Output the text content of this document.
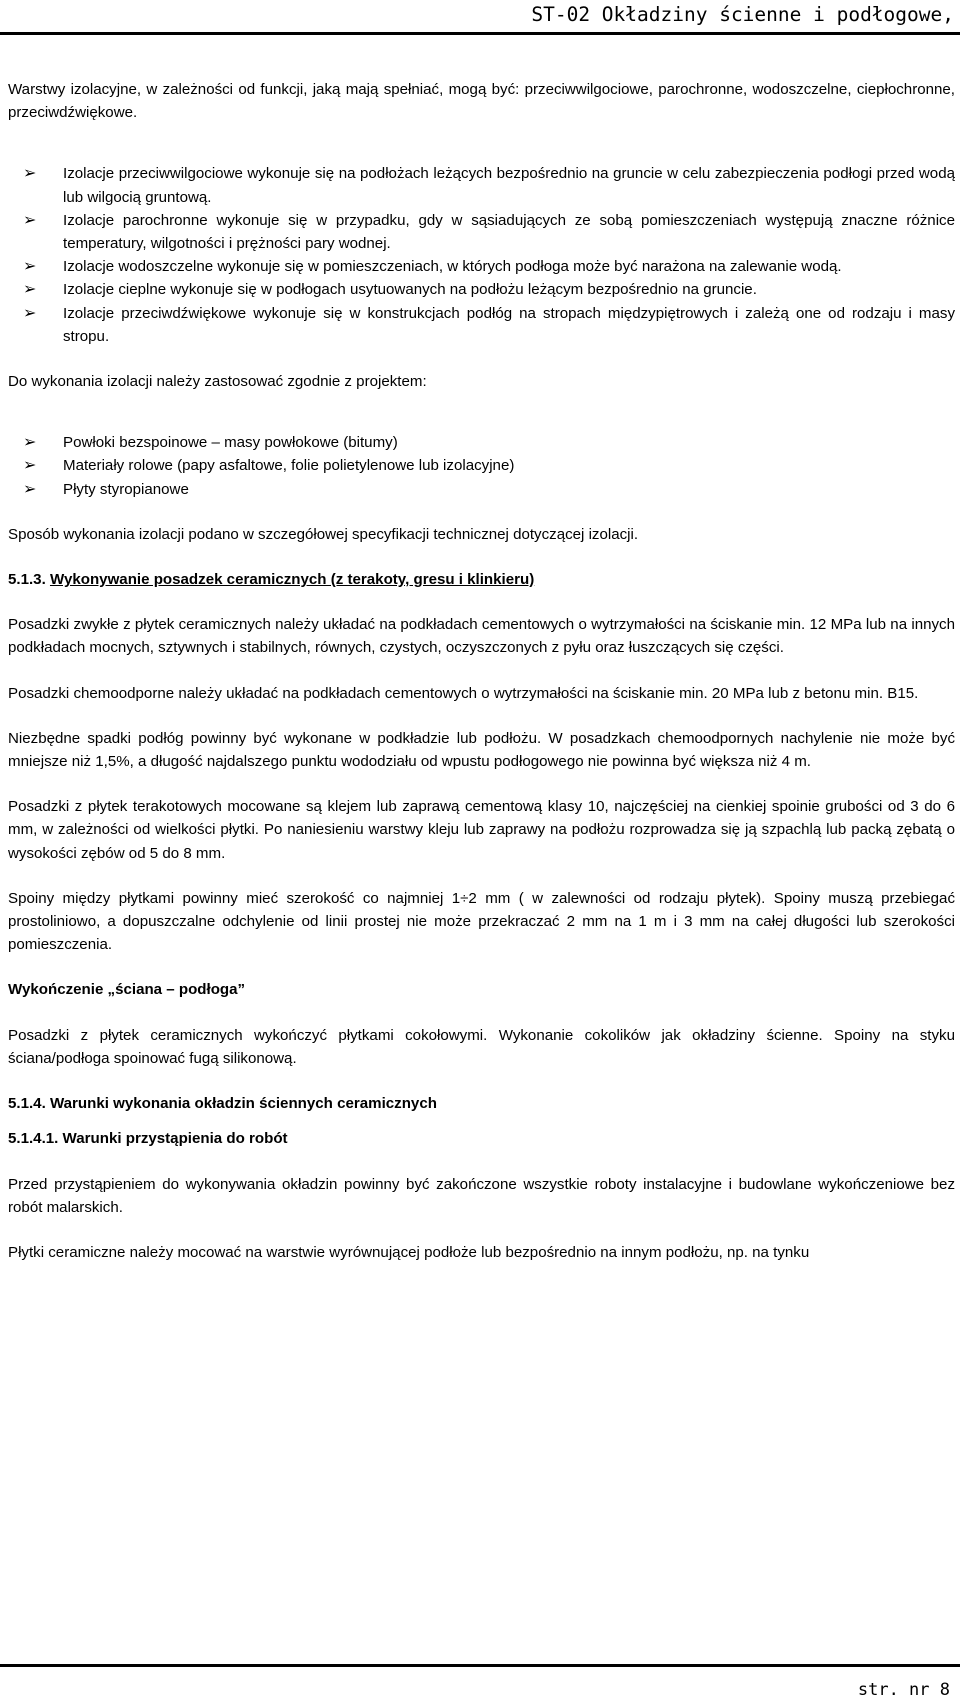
ST-02 Okładziny ścienne i podłogowe,

Warstwy izolacyjne, w zależności od funkcji, jaką mają spełniać, mogą być: przeciwwilgociowe, parochronne, wodoszczelne, ciepłochronne, przeciwdźwiękowe.

➢ Izolacje przeciwwilgociowe wykonuje się na podłożach leżących bezpośrednio na gruncie w celu zabezpieczenia podłogi przed wodą lub wilgocią gruntową.
➢ Izolacje parochronne wykonuje się w przypadku, gdy w sąsiadujących ze sobą pomieszczeniach występują znaczne różnice temperatury, wilgotności i prężności pary wodnej.
➢ Izolacje wodoszczelne wykonuje się w pomieszczeniach, w których podłoga może być narażona na zalewanie wodą.
➢ Izolacje cieplne wykonuje się w podłogach usytuowanych na podłożu leżącym bezpośrednio na gruncie.
➢ Izolacje przeciwdźwiękowe wykonuje się w konstrukcjach podłóg na stropach międzypiętrowych i zależą one od rodzaju i masy stropu.

Do wykonania izolacji należy zastosować zgodnie z projektem:

➢ Powłoki bezspoinowe – masy powłokowe (bitumy)
➢ Materiały rolowe (papy asfaltowe, folie polietylenowe lub izolacyjne)
➢ Płyty styropianowe

Sposób wykonania izolacji podano w szczegółowej specyfikacji technicznej dotyczącej izolacji.

5.1.3. Wykonywanie posadzek ceramicznych (z terakoty, gresu i klinkieru)

Posadzki zwykłe z płytek ceramicznych należy układać na podkładach cementowych o wytrzymałości na ściskanie min. 12 MPa lub na innych podkładach mocnych, sztywnych i stabilnych, równych, czystych, oczyszczonych z pyłu oraz łuszczących się części.

Posadzki chemoodporne należy układać na podkładach cementowych o wytrzymałości na ściskanie min. 20 MPa lub z betonu min. B15.

Niezbędne spadki podłóg powinny być wykonane w podkładzie lub podłożu. W posadzkach chemoodpornych nachylenie nie może być mniejsze niż 1,5%, a długość najdalszego punktu wododziału od wpustu podłogowego nie powinna być większa niż 4 m.

Posadzki z płytek terakotowych mocowane są klejem lub zaprawą cementową klasy 10, najczęściej na cienkiej spoinie grubości od 3 do 6 mm, w zależności od wielkości płytki. Po naniesieniu warstwy kleju lub zaprawy na podłożu rozprowadza się ją szpachlą lub packą zębatą o wysokości zębów od 5 do 8 mm.

Spoiny między płytkami powinny mieć szerokość co najmniej 1÷2 mm ( w zalewności od rodzaju płytek). Spoiny muszą przebiegać prostoliniowo, a dopuszczalne odchylenie od linii prostej nie może przekraczać 2 mm na 1 m i 3 mm na całej długości lub szerokości pomieszczenia.

Wykończenie „ściana – podłoga”

Posadzki z płytek ceramicznych wykończyć płytkami cokołowymi. Wykonanie cokolików jak okładziny ścienne. Spoiny na styku ściana/podłoga spoinować fugą silikonową.

5.1.4. Warunki wykonania okładzin ściennych ceramicznych

5.1.4.1. Warunki przystąpienia do robót

Przed przystąpieniem do wykonywania okładzin powinny być zakończone wszystkie roboty instalacyjne i budowlane wykończeniowe bez robót malarskich.

Płytki ceramiczne należy mocować na warstwie wyrównującej podłoże lub bezpośrednio na innym podłożu, np. na tynku

str. nr 8
